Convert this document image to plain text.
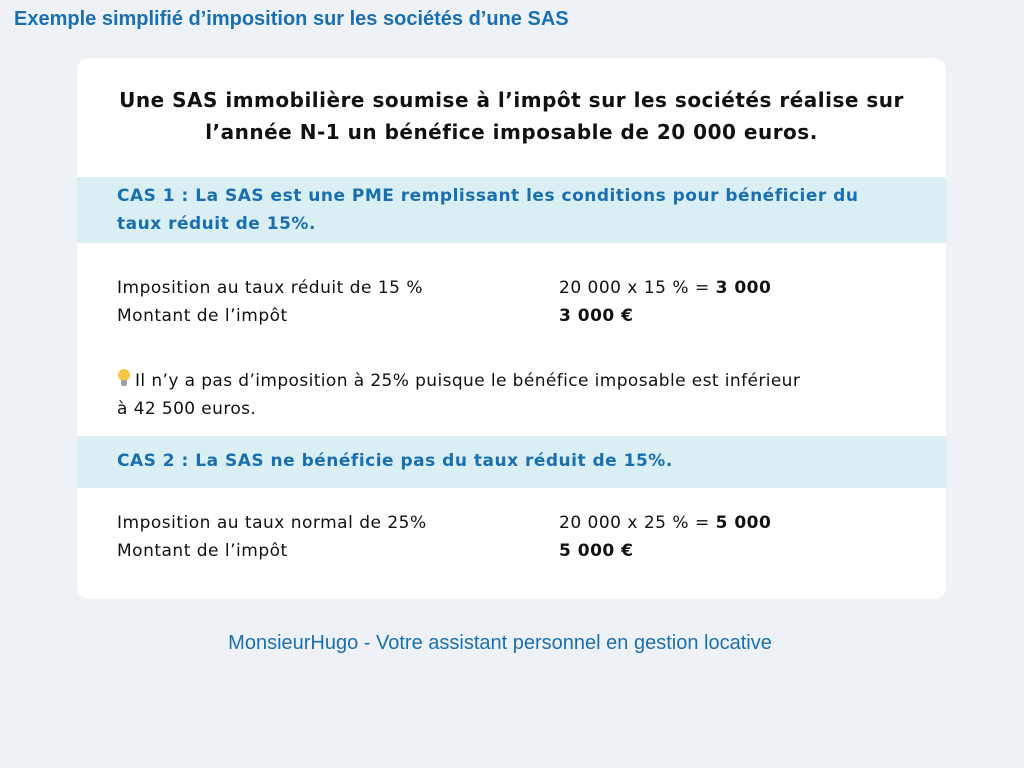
Exemple simplifié d’imposition sur les sociétés d’une SAS
Une SAS immobilière soumise à l’impôt sur les sociétés réalise sur
l’année N-1 un bénéfice imposable de 20 000 euros.
CAS 1 : La SAS est une PME remplissant les conditions pour bénéficier du
taux réduit de 15%.
Imposition au taux réduit de 15 %	20 000 x 15 % = 3 000
Montant de l’impôt	3 000 €
Il n’y a pas d’imposition à 25% puisque le bénéfice imposable est inférieur
à 42 500 euros.
CAS 2 : La SAS ne bénéficie pas du taux réduit de 15%.
Imposition au taux normal de 25%	20 000 x 25 % = 5 000
Montant de l’impôt	5 000 €
MonsieurHugo - Votre assistant personnel en gestion locative
